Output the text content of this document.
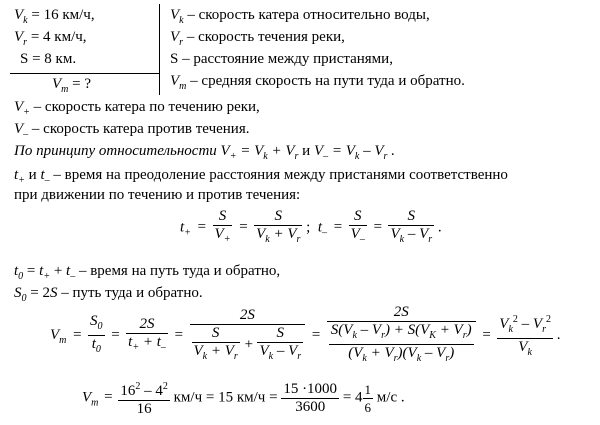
$V_k = 16$ км/ч,
$V_r = 4$ км/ч,
S = 8 км.
$V_m$ = ?
$V_k$ – скорость катера относительно воды,
$V_r$ – скорость течения реки,
S – расстояние между пристанями,
$V_m$ – средняя скорость на пути туда и обратно.
$V_+$ – скорость катера по течению реки,
$V_-$ – скорость катера против течения.
По принципу относительности $V_+ = V_k + V_r$ и $V_- = V_k - V_r$ .
$t_+$ и $t_-$ – время на преодоление расстояния между пристанями соответственно
при движении по течению и против течения:
$t_+ = \frac{S}{V_+} = \frac{S}{V_k + V_r}$ ;  $t_- = \frac{S}{V_-} = \frac{S}{V_k - V_r}$ .
$t_0 = t_+ + t_-$ – время на путь туда и обратно,
$S_0 = 2S$ – путь туда и обратно.
$V_m = \frac{S_0}{t_0} = \frac{2S}{t_+ + t_-} = \frac{2S}{\frac{S}{V_k + V_r} + \frac{S}{V_k - V_r}} = \frac{2S}{\frac{S(V_k - V_r) + S(V_K + V_r)}{(V_k + V_r)(V_k - V_r)}} = \frac{V_k^2 - V_r^2}{V_k}$ .
$V_m = \frac{16^2 - 4^2}{16} км/ч = 15$ $км/ч = \frac{15 \cdot 1000}{3600} = 4 \frac{1}{6} м/с$ .
